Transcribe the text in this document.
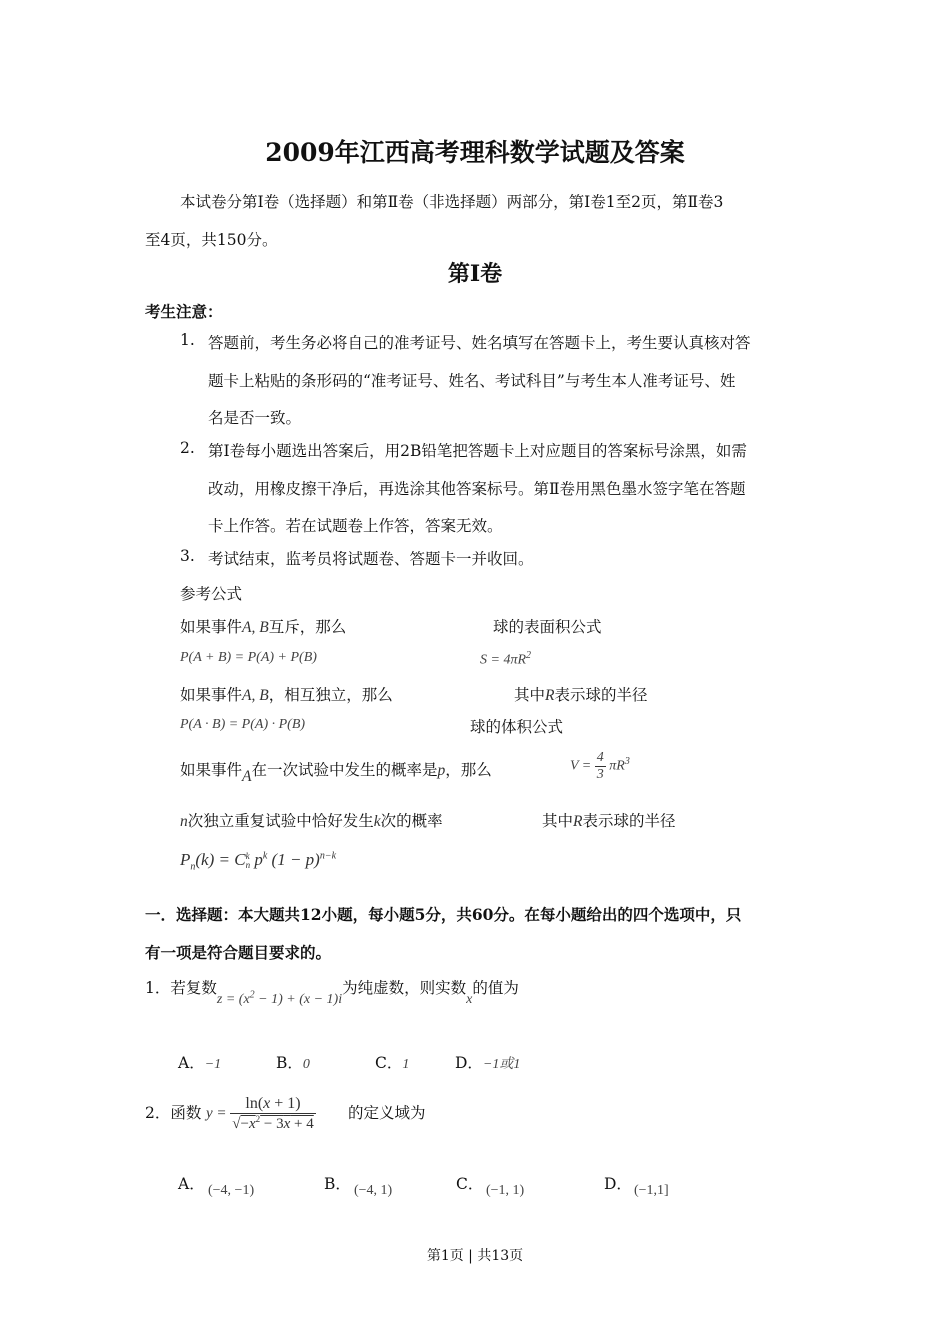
2009年江西高考理科数学试题及答案
本试卷分第Ⅰ卷（选择题）和第Ⅱ卷（非选择题）两部分，第Ⅰ卷1至2页，第Ⅱ卷3
至4页，共150分。
第Ⅰ卷
考生注意：
1. 答题前，考生务必将自己的准考证号、姓名填写在答题卡上，考生要认真核对答
题卡上粘贴的条形码的“准考证号、姓名、考试科目”与考生本人准考证号、姓
名是否一致。
2. 第Ⅰ卷每小题选出答案后，用2B铅笔把答题卡上对应题目的答案标号涂黑，如需
改动，用橡皮擦干净后，再选涂其他答案标号。第Ⅱ卷用黑色墨水签字笔在答题
卡上作答。若在试题卷上作答，答案无效。
3. 考试结束，监考员将试题卷、答题卡一并收回。
参考公式
如果事件A, B互斥，那么	球的表面积公式
P(A + B) = P(A) + P(B)	$S = 4\pi R^2$
如果事件A, B，相互独立，那么	其中R表示球的半径
P(A · B) = P(A) · P(B)	球的体积公式
如果事件A在一次试验中发生的概率是p，那么	$V = \frac{4}{3} \pi R^3$
n次独立重复试验中恰好发生k次的概率	其中R表示球的半径
$P_n(k) = C$ k
n $p^k$ $(1 - p)^{n-k}$
一．选择题：本大题共12小题，每小题5分，共60分。在每小题给出的四个选项中，只
有一项是符合题目要求的。
1．若复数$z = (x^2 - 1) + (x - 1)i$为纯虚数，则实数x的值为
A．−1	B．0	C．1	D．−1或1
2．函数 $y = \frac{\ln(x + 1)}{√-x^2 - 3x + 4}$ 的定义域为
A． (−4, −1)	B． (−4, 1)	C． (−1, 1)	D． (−1,1]
第1页 | 共13页
